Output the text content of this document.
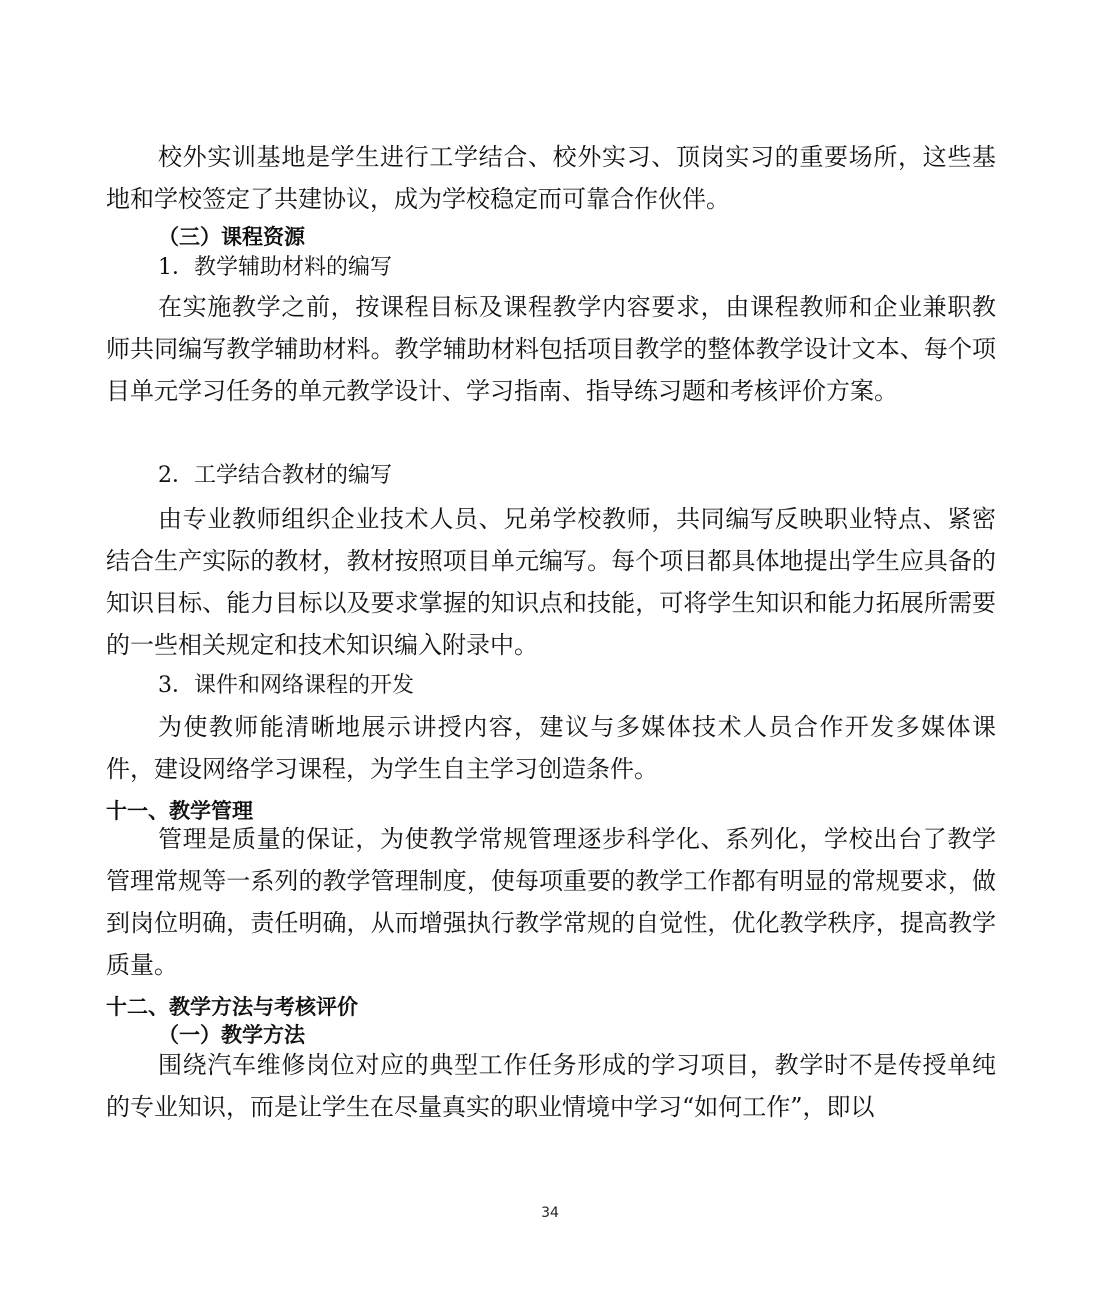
校外实训基地是学生进行工学结合、校外实习、顶岗实习的重要场所，这些基地和学校签定了共建协议，成为学校稳定而可靠合作伙伴。

（三）课程资源
1．教学辅助材料的编写

在实施教学之前，按课程目标及课程教学内容要求，由课程教师和企业兼职教师共同编写教学辅助材料。教学辅助材料包括项目教学的整体教学设计文本、每个项目单元学习任务的单元教学设计、学习指南、指导练习题和考核评价方案。

2．工学结合教材的编写

由专业教师组织企业技术人员、兄弟学校教师，共同编写反映职业特点、紧密结合生产实际的教材，教材按照项目单元编写。每个项目都具体地提出学生应具备的知识目标、能力目标以及要求掌握的知识点和技能，可将学生知识和能力拓展所需要的一些相关规定和技术知识编入附录中。

3．课件和网络课程的开发

为使教师能清晰地展示讲授内容，建议与多媒体技术人员合作开发多媒体课件，建设网络学习课程，为学生自主学习创造条件。

十一、教学管理

管理是质量的保证，为使教学常规管理逐步科学化、系列化，学校出台了教学管理常规等一系列的教学管理制度，使每项重要的教学工作都有明显的常规要求，做到岗位明确，责任明确，从而增强执行教学常规的自觉性，优化教学秩序，提高教学质量。

十二、教学方法与考核评价
（一）教学方法

围绕汽车维修岗位对应的典型工作任务形成的学习项目，教学时不是传授单纯的专业知识，而是让学生在尽量真实的职业情境中学习“如何工作”，即以

34
